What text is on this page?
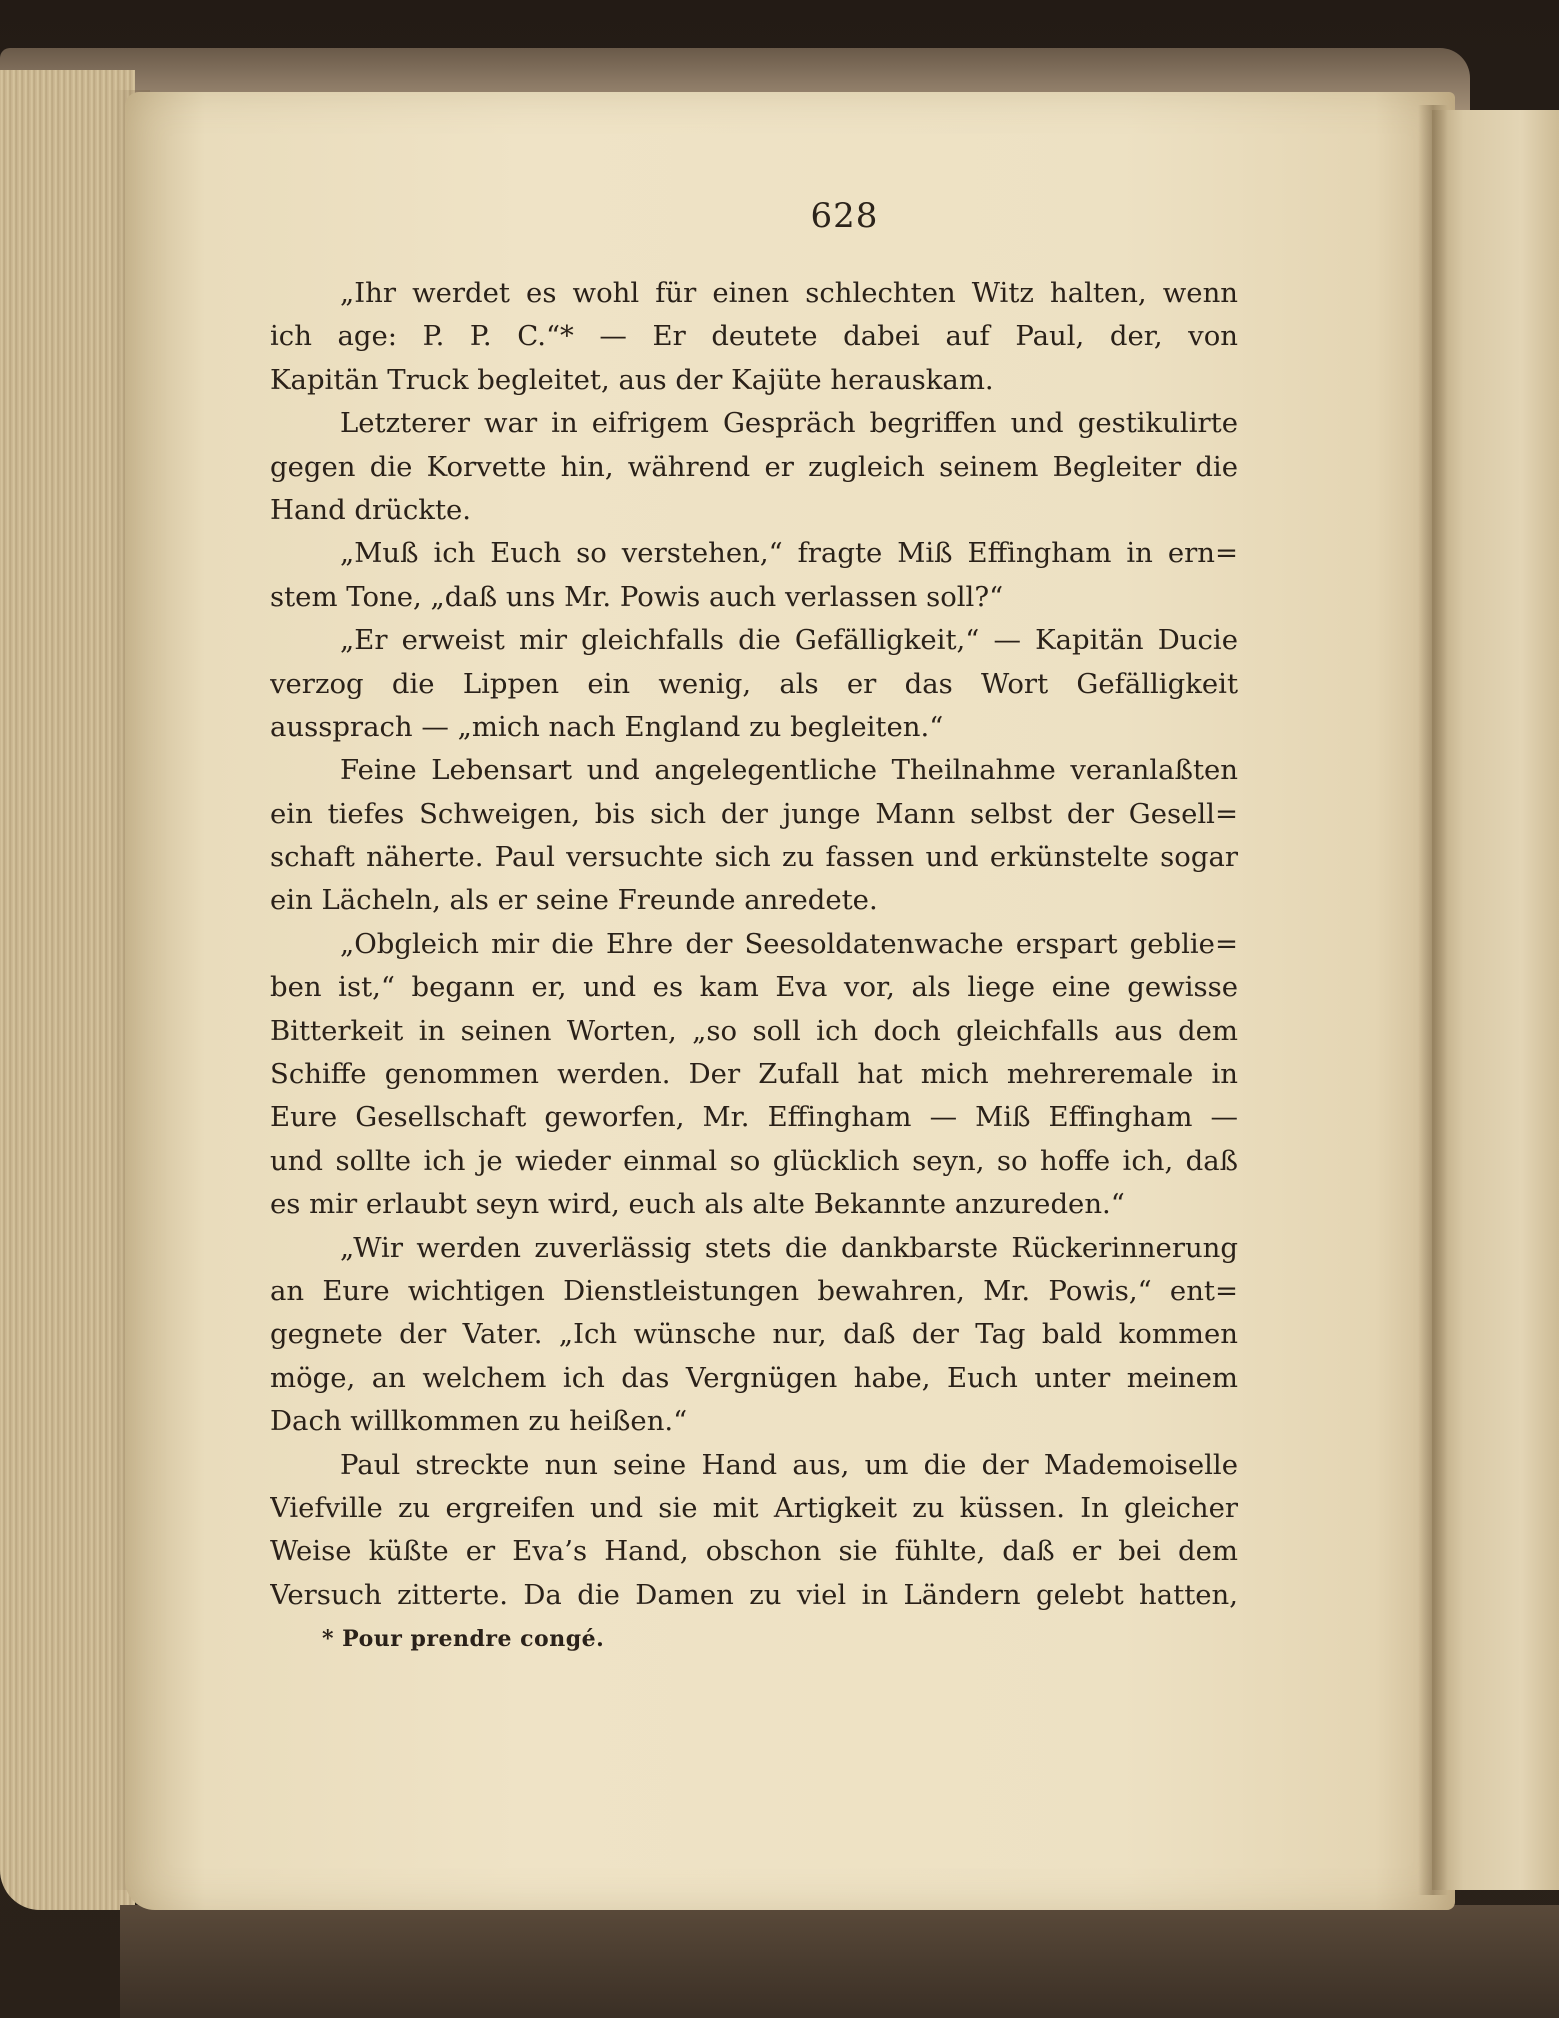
628
„Ihr werdet es wohl für einen schlechten Witz halten, wenn
ich age: P. P. C.“* — Er deutete dabei auf Paul, der, von
Kapitän Truck begleitet, aus der Kajüte herauskam.
Letzterer war in eifrigem Gespräch begriffen und gestikulirte
gegen die Korvette hin, während er zugleich seinem Begleiter die
Hand drückte.
„Muß ich Euch so verstehen,“ fragte Miß Effingham in ern=
stem Tone, „daß uns Mr. Powis auch verlassen soll?“
„Er erweist mir gleichfalls die Gefälligkeit,“ — Kapitän Ducie
verzog die Lippen ein wenig, als er das Wort Gefälligkeit
aussprach — „mich nach England zu begleiten.“
Feine Lebensart und angelegentliche Theilnahme veranlaßten
ein tiefes Schweigen, bis sich der junge Mann selbst der Gesell=
schaft näherte. Paul versuchte sich zu fassen und erkünstelte sogar
ein Lächeln, als er seine Freunde anredete.
„Obgleich mir die Ehre der Seesoldatenwache erspart geblie=
ben ist,“ begann er, und es kam Eva vor, als liege eine gewisse
Bitterkeit in seinen Worten, „so soll ich doch gleichfalls aus dem
Schiffe genommen werden. Der Zufall hat mich mehreremale in
Eure Gesellschaft geworfen, Mr. Effingham — Miß Effingham —
und sollte ich je wieder einmal so glücklich seyn, so hoffe ich, daß
es mir erlaubt seyn wird, euch als alte Bekannte anzureden.“
„Wir werden zuverlässig stets die dankbarste Rückerinnerung
an Eure wichtigen Dienstleistungen bewahren, Mr. Powis,“ ent=
gegnete der Vater. „Ich wünsche nur, daß der Tag bald kommen
möge, an welchem ich das Vergnügen habe, Euch unter meinem
Dach willkommen zu heißen.“
Paul streckte nun seine Hand aus, um die der Mademoiselle
Viefville zu ergreifen und sie mit Artigkeit zu küssen. In gleicher
Weise küßte er Eva’s Hand, obschon sie fühlte, daß er bei dem
Versuch zitterte. Da die Damen zu viel in Ländern gelebt hatten,
* Pour prendre congé.
